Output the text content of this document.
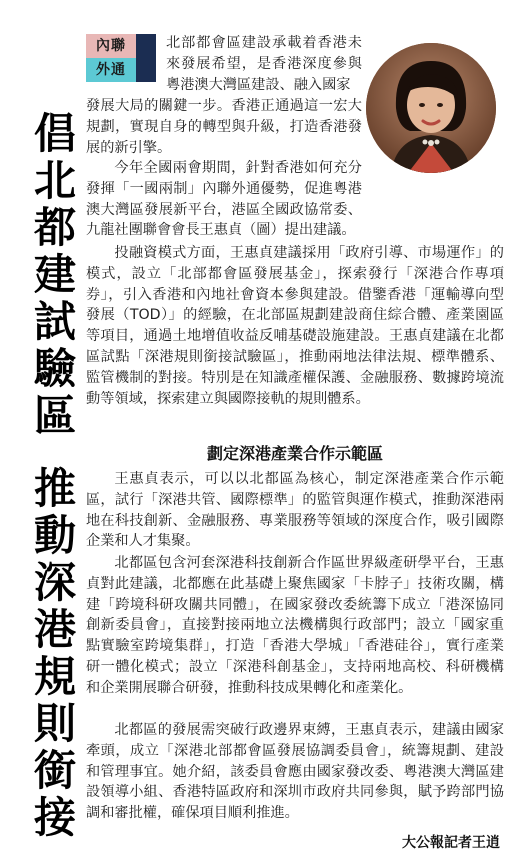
內聯
外通
倡北都建試驗區
推動深港規則銜接

北部都會區建設承載着香港未來發展希望，是香港深度參與粵港澳大灣區建設、融入國家

發展大局的關鍵一步。香港正通過這一宏大規劃，實現自身的轉型與升級，打造香港發展的新引擎。

今年全國兩會期間，針對香港如何充分發揮「一國兩制」內聯外通優勢，促進粵港澳大灣區發展新平台，港區全國政協常委、九龍社團聯會會長王惠貞（圖）提出建議。

投融資模式方面，王惠貞建議採用「政府引導、市場運作」的模式，設立「北部都會區發展基金」，探索發行「深港合作專項券」，引入香港和內地社會資本參與建設。借鑒香港「運輸導向型發展（TOD）」的經驗，在北部區規劃建設商住綜合體、產業園區等項目，通過土地增值收益反哺基礎設施建設。王惠貞建議在北都區試點「深港規則銜接試驗區」，推動兩地法律法規、標準體系、監管機制的對接。特別是在知識產權保護、金融服務、數據跨境流動等領域，探索建立與國際接軌的規則體系。

劃定深港產業合作示範區

王惠貞表示，可以以北都區為核心，制定深港產業合作示範區，試行「深港共管、國際標準」的監管與運作模式，推動深港兩地在科技創新、金融服務、專業服務等領域的深度合作，吸引國際企業和人才集聚。

北都區包含河套深港科技創新合作區世界級產研學平台，王惠貞對此建議，北都應在此基礎上聚焦國家「卡脖子」技術攻關，構建「跨境科研攻關共同體」，在國家發改委統籌下成立「港深協同創新委員會」，直接對接兩地立法機構與行政部門；設立「國家重點實驗室跨境集群」，打造「香港大學城」「香港硅谷」，實行產業研一體化模式；設立「深港科創基金」，支持兩地高校、科研機構和企業開展聯合研發，推動科技成果轉化和產業化。

北都區的發展需突破行政邊界束縛，王惠貞表示，建議由國家牽頭，成立「深港北部都會區發展協調委員會」，統籌規劃、建設和管理事宜。她介紹，該委員會應由國家發改委、粵港澳大灣區建設領導小組、香港特區政府和深圳市政府共同參與，賦予跨部門協調和審批權，確保項目順利推進。

大公報記者王逍
